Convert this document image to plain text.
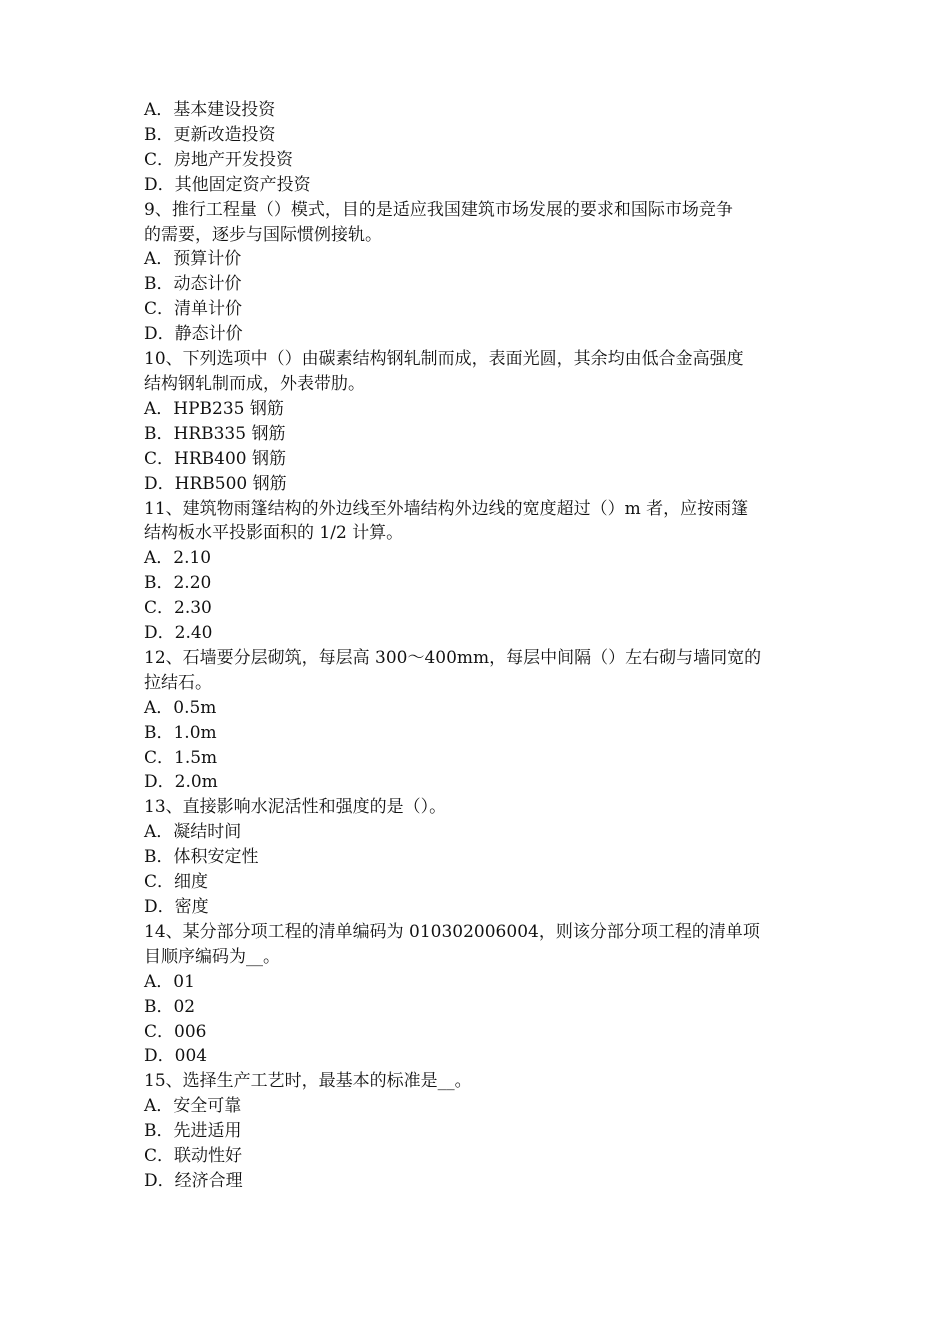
A．基本建设投资
B．更新改造投资
C．房地产开发投资
D．其他固定资产投资
9、推行工程量（）模式，目的是适应我国建筑市场发展的要求和国际市场竞争
的需要，逐步与国际惯例接轨。
A．预算计价
B．动态计价
C．清单计价
D．静态计价
10、下列选项中（）由碳素结构钢轧制而成，表面光圆，其余均由低合金高强度
结构钢轧制而成，外表带肋。
A．HPB235 钢筋
B．HRB335 钢筋
C．HRB400 钢筋
D．HRB500 钢筋
11、建筑物雨篷结构的外边线至外墙结构外边线的宽度超过（）m 者，应按雨篷
结构板水平投影面积的 1/2 计算。
A．2.10
B．2.20
C．2.30
D．2.40
12、石墙要分层砌筑，每层高 300～400mm，每层中间隔（）左右砌与墙同宽的
拉结石。
A．0.5m
B．1.0m
C．1.5m
D．2.0m
13、直接影响水泥活性和强度的是（）。
A．凝结时间
B．体积安定性
C．细度
D．密度
14、某分部分项工程的清单编码为 010302006004，则该分部分项工程的清单项
目顺序编码为__。
A．01
B．02
C．006
D．004
15、选择生产工艺时，最基本的标准是__。
A．安全可靠
B．先进适用
C．联动性好
D．经济合理
